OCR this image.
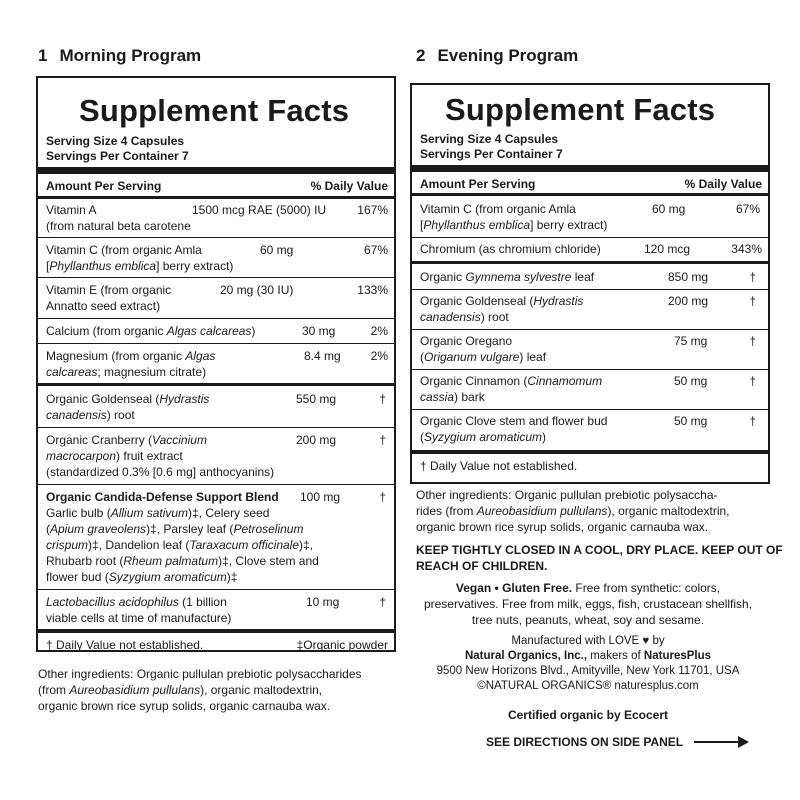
1 Morning Program
Supplement Facts
Serving Size 4 Capsules
Servings Per Container 7
Amount Per Serving	% Daily Value
Vitamin A
(from natural beta carotene
1500 mcg RAE (5000) IU	167%
Vitamin C (from organic Amla
[Phyllanthus emblica] berry extract)
60 mg	67%
Vitamin E (from organic
Annatto seed extract)
20 mg (30 IU)	133%
Calcium (from organic Algas calcareas)	30 mg	2%
Magnesium (from organic Algas
calcareas; magnesium citrate)
8.4 mg 2%
Organic Goldenseal (Hydrastis
canadensis) root
550 mg	†
Organic Cranberry (Vaccinium
macrocarpon) fruit extract
(standardized 0.3% [0.6 mg] anthocyanins)
200 mg	†
Organic Candida-Defense Support Blend
Garlic bulb (Allium sativum)‡, Celery seed
(Apium graveolens)‡, Parsley leaf (Petroselinum
crispum)‡, Dandelion leaf (Taraxacum officinale)‡,
Rhubarb root (Rheum palmatum)‡, Clove stem and
flower bud (Syzygium aromaticum)‡
100 mg	†
Lactobacillus acidophilus (1 billion
viable cells at time of manufacture)
10 mg	†
† Daily Value not established.	‡Organic powder
Other ingredients: Organic pullulan prebiotic polysaccharides
(from Aureobasidium pullulans), organic maltodextrin,
organic brown rice syrup solids, organic carnauba wax.
2 Evening Program
Supplement Facts
Serving Size 4 Capsules
Servings Per Container 7
Amount Per Serving	% Daily Value
Vitamin C (from organic Amla
[Phyllanthus emblica] berry extract)
60 mg	67%
Chromium (as chromium chloride)	120 mcg	343%
Organic Gymnema sylvestre leaf	850 mg	†
Organic Goldenseal (Hydrastis
canadensis) root
200 mg	†
Organic Oregano
(Origanum vulgare) leaf
75 mg	†
Organic Cinnamon (Cinnamomum
cassia) bark
50 mg	†
Organic Clove stem and flower bud
(Syzygium aromaticum)
50 mg	†
† Daily Value not established.
Other ingredients: Organic pullulan prebiotic polysaccha-
rides (from Aureobasidium pullulans), organic maltodextrin,
organic brown rice syrup solids, organic carnauba wax.
KEEP TIGHTLY CLOSED IN A COOL, DRY PLACE. KEEP OUT OF
REACH OF CHILDREN.
Vegan • Gluten Free. Free from synthetic: colors,
preservatives. Free from milk, eggs, fish, crustacean shellfish,
tree nuts, peanuts, wheat, soy and sesame.
Manufactured with LOVE ♥ by
Natural Organics, Inc., makers of NaturesPlus
9500 New Horizons Blvd., Amityville, New York 11701, USA
©NATURAL ORGANICS® naturesplus.com
Certified organic by Ecocert
SEE DIRECTIONS ON SIDE PANEL
